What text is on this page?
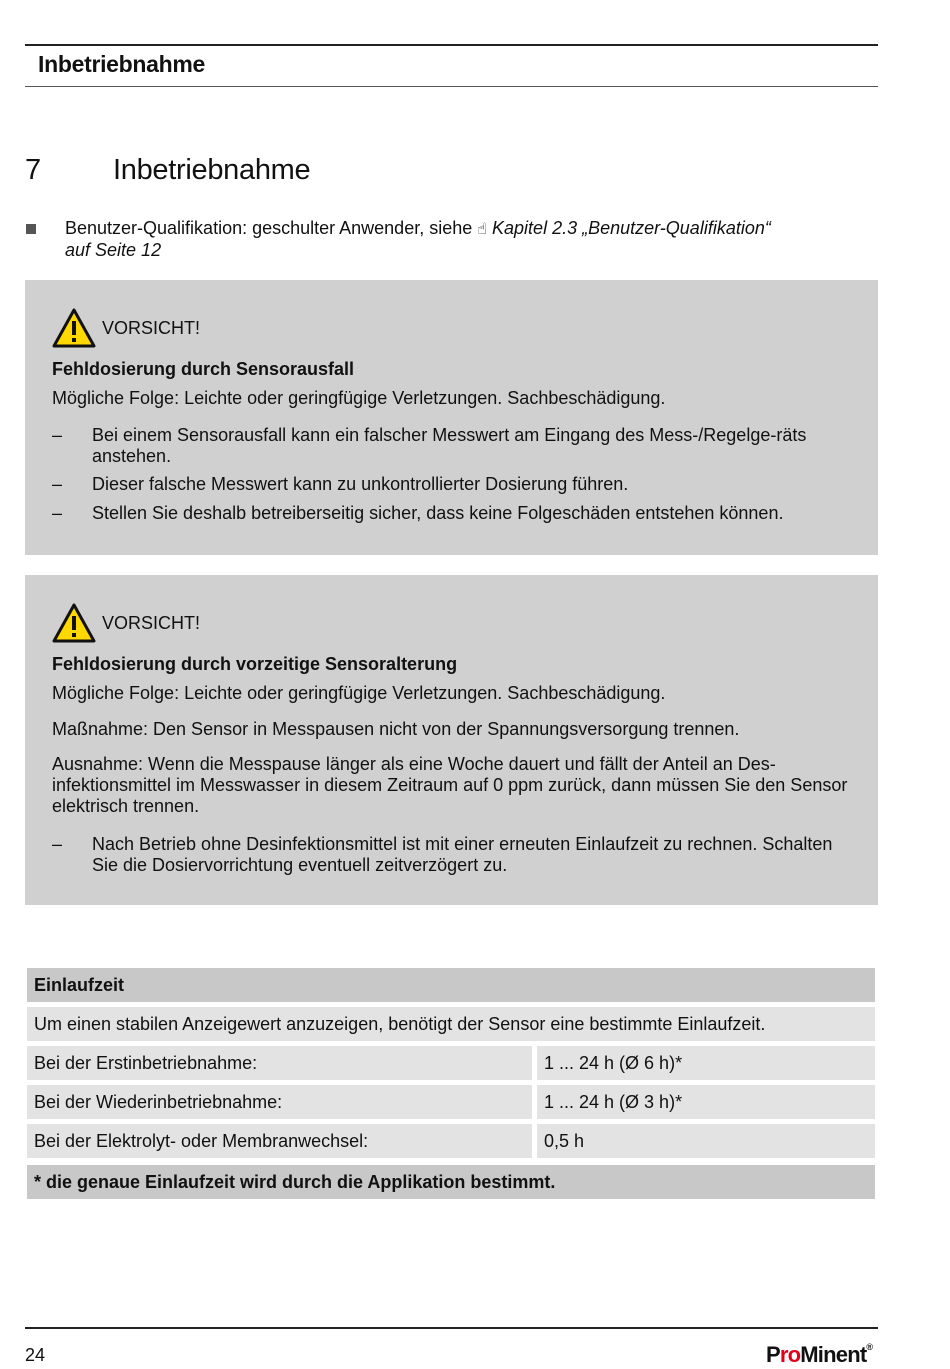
Inbetriebnahme
7 Inbetriebnahme
Benutzer-Qualifikation: geschulter Anwender, siehe ☝︎ Kapitel 2.3 „Benutzer-Qualifikation“
auf Seite 12
VORSICHT!
Fehldosierung durch Sensorausfall
Mögliche Folge: Leichte oder geringfügige Verletzungen. Sachbeschädigung.
– Bei einem Sensorausfall kann ein falscher Messwert am Eingang des Mess-/Regelge-räts anstehen.
– Dieser falsche Messwert kann zu unkontrollierter Dosierung führen.
– Stellen Sie deshalb betreiberseitig sicher, dass keine Folgeschäden entstehen können.
VORSICHT!
Fehldosierung durch vorzeitige Sensoralterung
Mögliche Folge: Leichte oder geringfügige Verletzungen. Sachbeschädigung.
Maßnahme: Den Sensor in Messpausen nicht von der Spannungsversorgung trennen.
Ausnahme: Wenn die Messpause länger als eine Woche dauert und fällt der Anteil an Des-infektionsmittel im Messwasser in diesem Zeitraum auf 0 ppm zurück, dann müssen Sie den Sensor elektrisch trennen.
– Nach Betrieb ohne Desinfektionsmittel ist mit einer erneuten Einlaufzeit zu rechnen. Schalten Sie die Dosiervorrichtung eventuell zeitverzögert zu.
Einlaufzeit
Um einen stabilen Anzeigewert anzuzeigen, benötigt der Sensor eine bestimmte Einlaufzeit.
Bei der Erstinbetriebnahme:	1 ... 24 h (Ø 6 h)*
Bei der Wiederinbetriebnahme:	1 ... 24 h (Ø 3 h)*
Bei der Elektrolyt- oder Membranwechsel:	0,5 h
* die genaue Einlaufzeit wird durch die Applikation bestimmt.
24	ProMinent®
